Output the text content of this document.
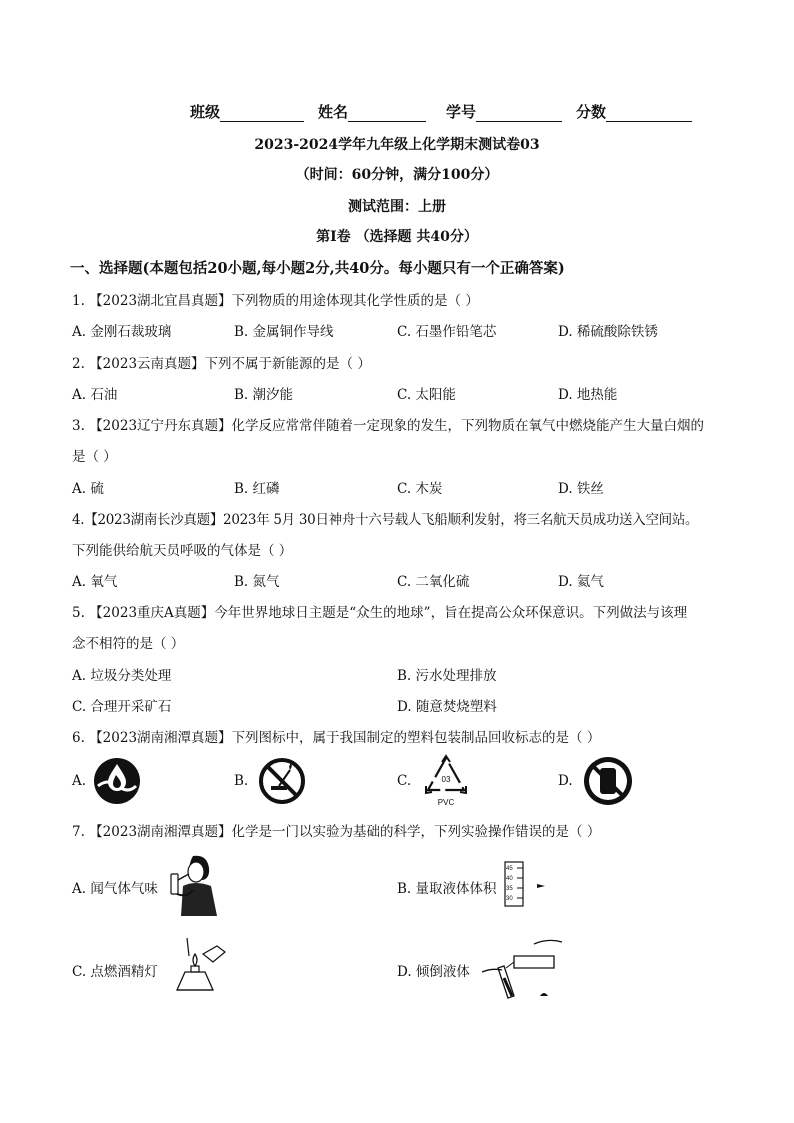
班级	姓名	学号	分数
2023-2024学年九年级上化学期末测试卷03
（时间：60分钟，满分100分）
测试范围：上册
第Ⅰ卷 （选择题 共40分）
一、选择题(本题包括20小题,每小题2分,共40分。每小题只有一个正确答案)
1. 【2023湖北宜昌真题】下列物质的用途体现其化学性质的是（ ）
A. 金刚石裁玻璃	B. 金属铜作导线	C. 石墨作铅笔芯	D. 稀硫酸除铁锈
2. 【2023云南真题】下列不属于新能源的是（ ）
A. 石油	B. 潮汐能	C. 太阳能	D. 地热能
3. 【2023辽宁丹东真题】化学反应常常伴随着一定现象的发生，下列物质在氧气中燃烧能产生大量白烟的
是（ ）
A. 硫	B. 红磷	C. 木炭	D. 铁丝
4.【2023湖南长沙真题】2023年 5月 30日神舟十六号载人飞船顺利发射，将三名航天员成功送入空间站。
下列能供给航天员呼吸的气体是（ ）
A. 氧气	B. 氮气	C. 二氧化硫	D. 氦气
5. 【2023重庆A真题】今年世界地球日主题是“众生的地球”，旨在提高公众环保意识。下列做法与该理
念不相符的是（ ）
A. 垃圾分类处理	B. 污水处理排放
C. 合理开采矿石	D. 随意焚烧塑料
6. 【2023湖南湘潭真题】下列图标中，属于我国制定的塑料包装制品回收标志的是（ ）
A.	B.	C.	03
PVC
D.
7. 【2023湖南湘潭真题】化学是一门以实验为基础的科学，下列实验操作错误的是（ ）
A. 闻气体气味	B. 量取液体体积
45
40
35
30
C. 点燃酒精灯	D. 倾倒液体
